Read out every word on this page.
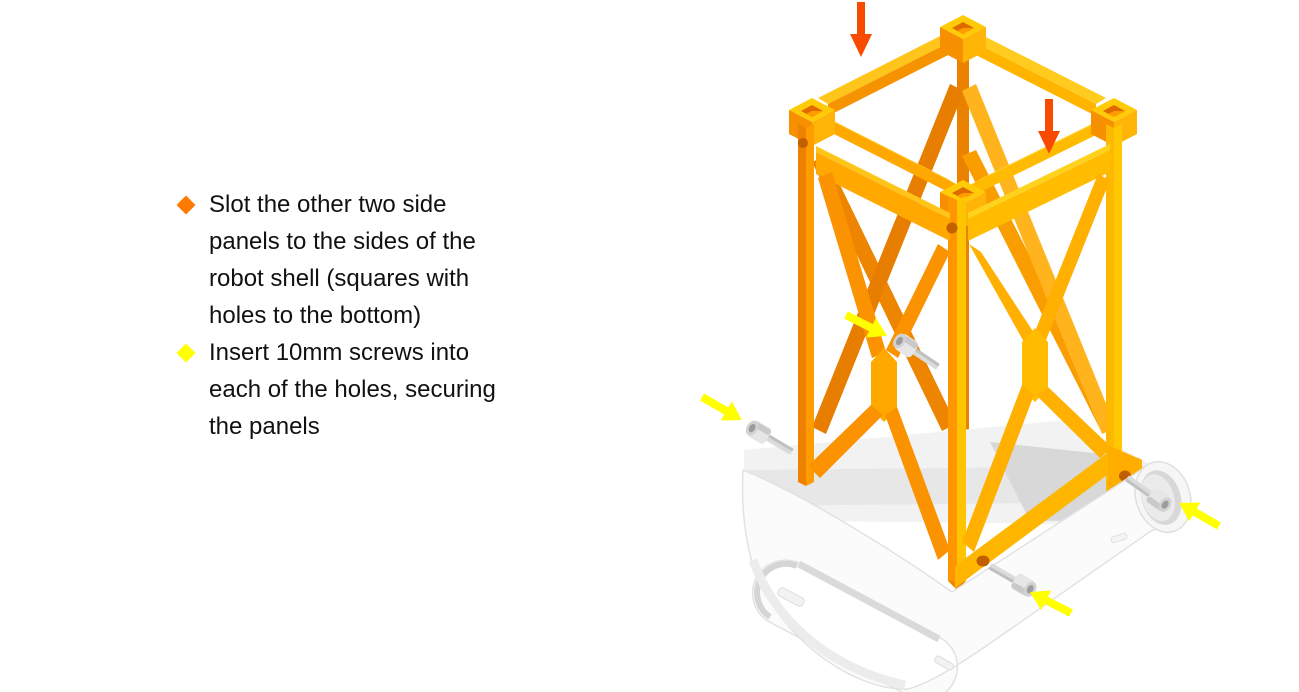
Slot the other two side panels to the sides of the robot shell (squares with holes to the bottom)
Insert 10mm screws into each of the holes, securing the panels
